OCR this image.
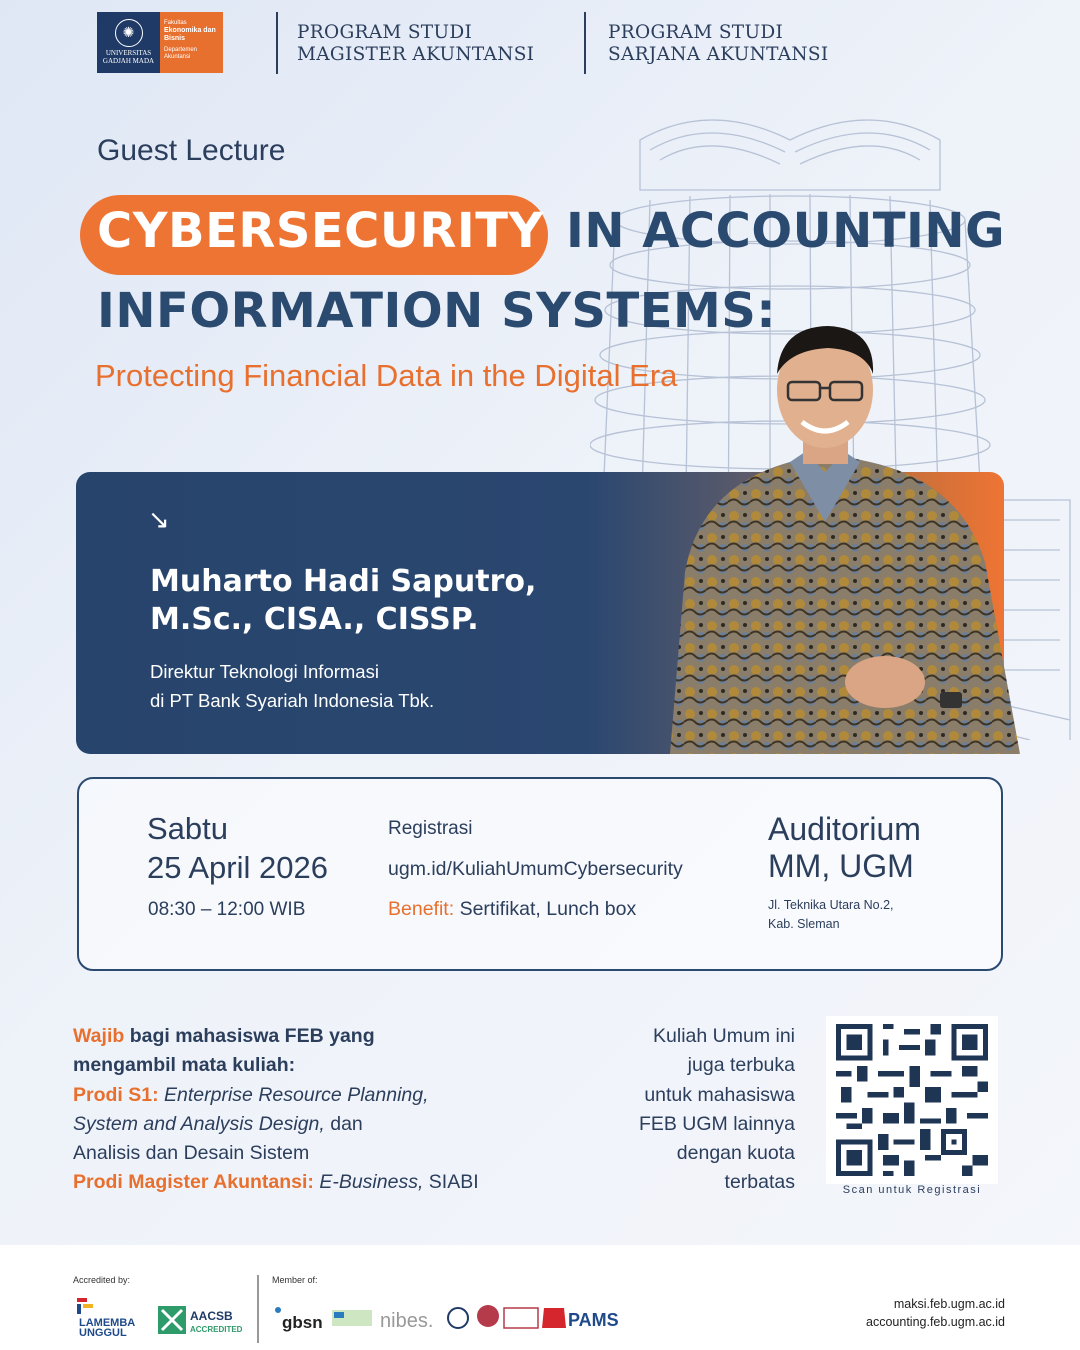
✺
UNIVERSITAS GADJAH MADA
Fakultas
Ekonomika dan Bisnis
Departemen Akuntansi
PROGRAM STUDI
MAGISTER AKUNTANSI
PROGRAM STUDI
SARJANA AKUNTANSI
Guest Lecture
CYBERSECURITY IN ACCOUNTING
INFORMATION SYSTEMS:
Protecting Financial Data in the Digital Era
↘
Muharto Hadi Saputro,
M.Sc., CISA., CISSP.
Direktur Teknologi Informasi
di PT Bank Syariah Indonesia Tbk.
Sabtu
25 April 2026
08:30 – 12:00 WIB
Registrasi
ugm.id/KuliahUmumCybersecurity
Benefit: Sertifikat, Lunch box
Auditorium
MM, UGM
Jl. Teknika Utara No.2,
Kab. Sleman
Wajib bagi mahasiswa FEB yang
mengambil mata kuliah:
Prodi S1: Enterprise Resource Planning,
System and Analysis Design, dan
Analisis dan Desain Sistem
Prodi Magister Akuntansi: E-Business, SIABI
Kuliah Umum ini
juga terbuka
untuk mahasiswa
FEB UGM lainnya
dengan kuota
terbatas	Scan untuk Registrasi
Accredited by:	Member of:
LAMEMBA
UNGGUL
AACSB
ACCREDITED gbsn	nibes.	PAMS
maksi.feb.ugm.ac.id
accounting.feb.ugm.ac.id
